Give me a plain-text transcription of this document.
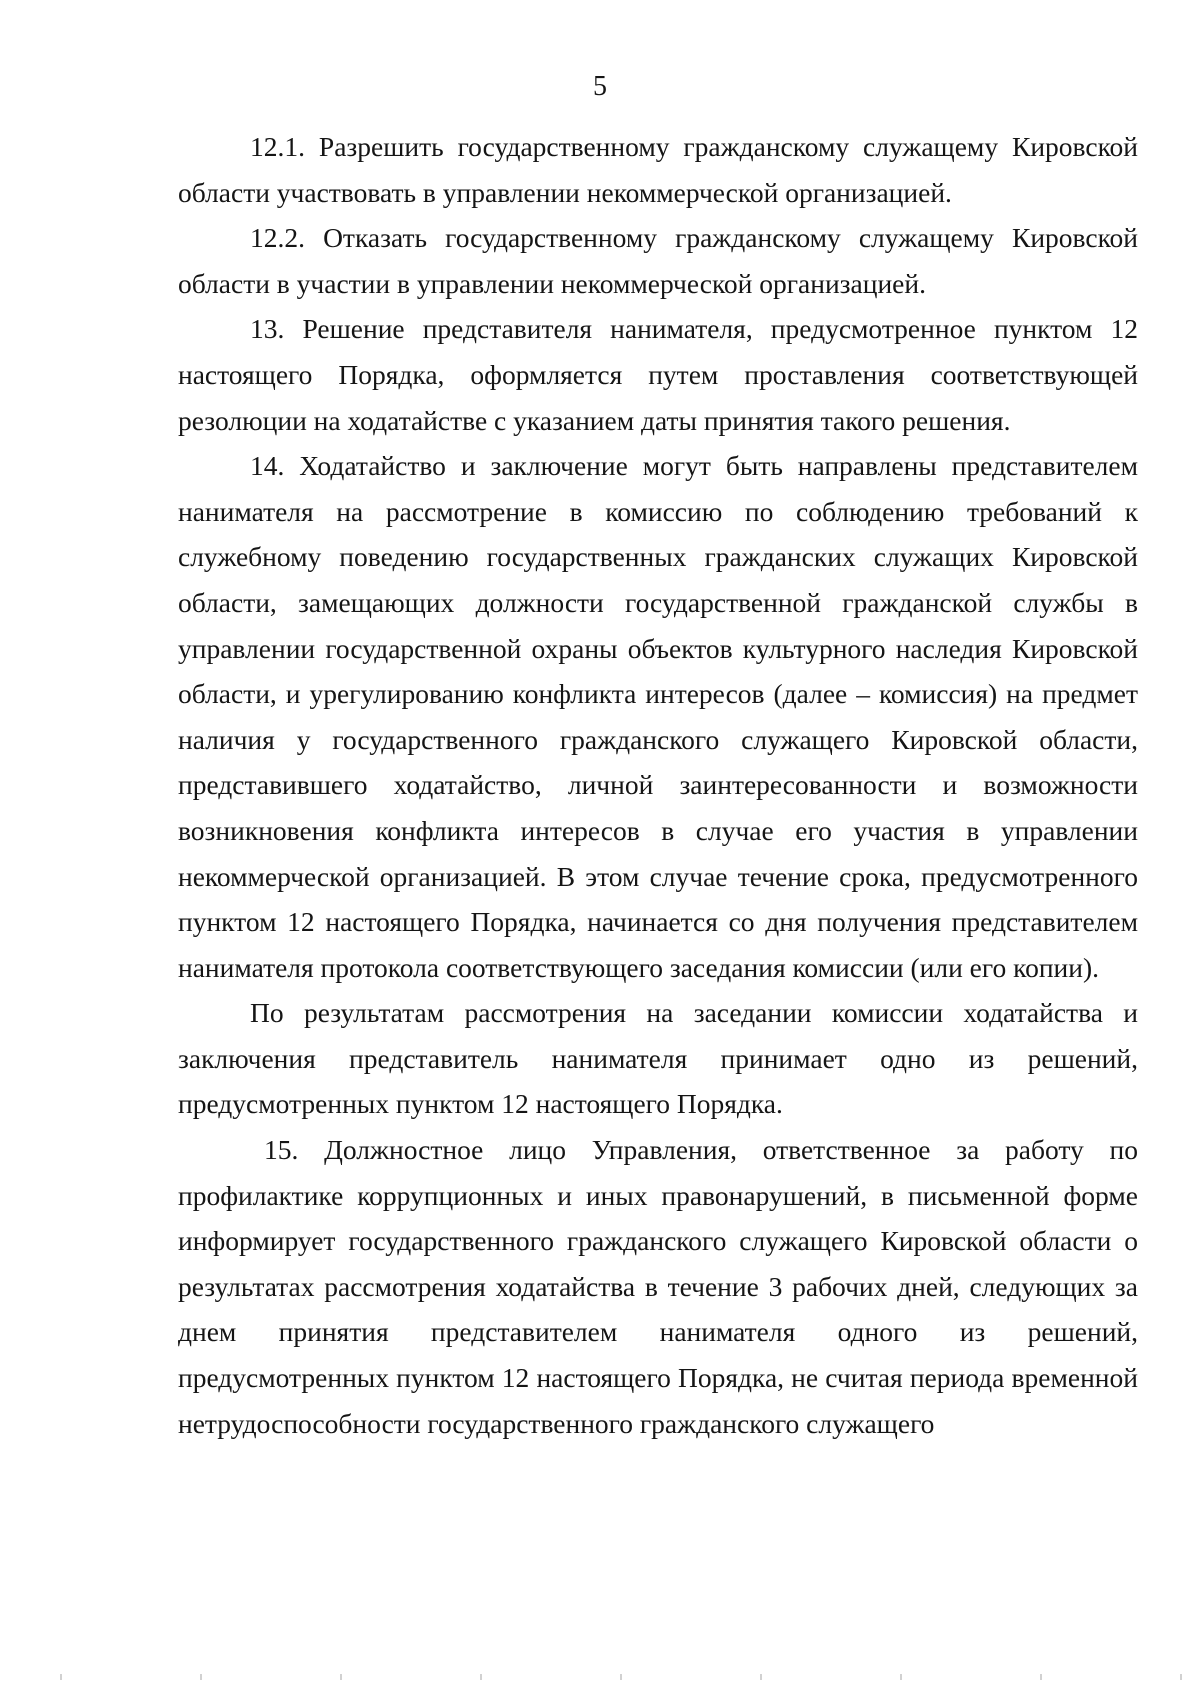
5

12.1. Разрешить государственному гражданскому служащему Кировской области участвовать в управлении некоммерческой организацией.

12.2. Отказать государственному гражданскому служащему Кировской области в участии в управлении некоммерческой организацией.

13. Решение представителя нанимателя, предусмотренное пунктом 12 настоящего Порядка, оформляется путем проставления соответствующей резолюции на ходатайстве с указанием даты принятия такого решения.

14. Ходатайство и заключение могут быть направлены представителем нанимателя на рассмотрение в комиссию по соблюдению требований к служебному поведению государственных гражданских служащих Кировской области, замещающих должности государственной гражданской службы в управлении государственной охраны объектов культурного наследия Кировской области, и урегулированию конфликта интересов (далее – комиссия) на предмет наличия у государственного гражданского служащего Кировской области, представившего ходатайство, личной заинтересованности и возможности возникновения конфликта интересов в случае его участия в управлении некоммерческой организацией. В этом случае течение срока, предусмотренного пунктом 12 настоящего Порядка, начинается со дня получения представителем нанимателя протокола соответствующего заседания комиссии (или его копии).

По результатам рассмотрения на заседании комиссии ходатайства и заключения представитель нанимателя принимает одно из решений, предусмотренных пунктом 12 настоящего Порядка.

15. Должностное лицо Управления, ответственное за работу по профилактике коррупционных и иных правонарушений, в письменной форме информирует государственного гражданского служащего Кировской области о результатах рассмотрения ходатайства в течение 3 рабочих дней, следующих за днем принятия представителем нанимателя одного из решений, предусмотренных пунктом 12 настоящего Порядка, не считая периода временной нетрудоспособности государственного гражданского служащего
